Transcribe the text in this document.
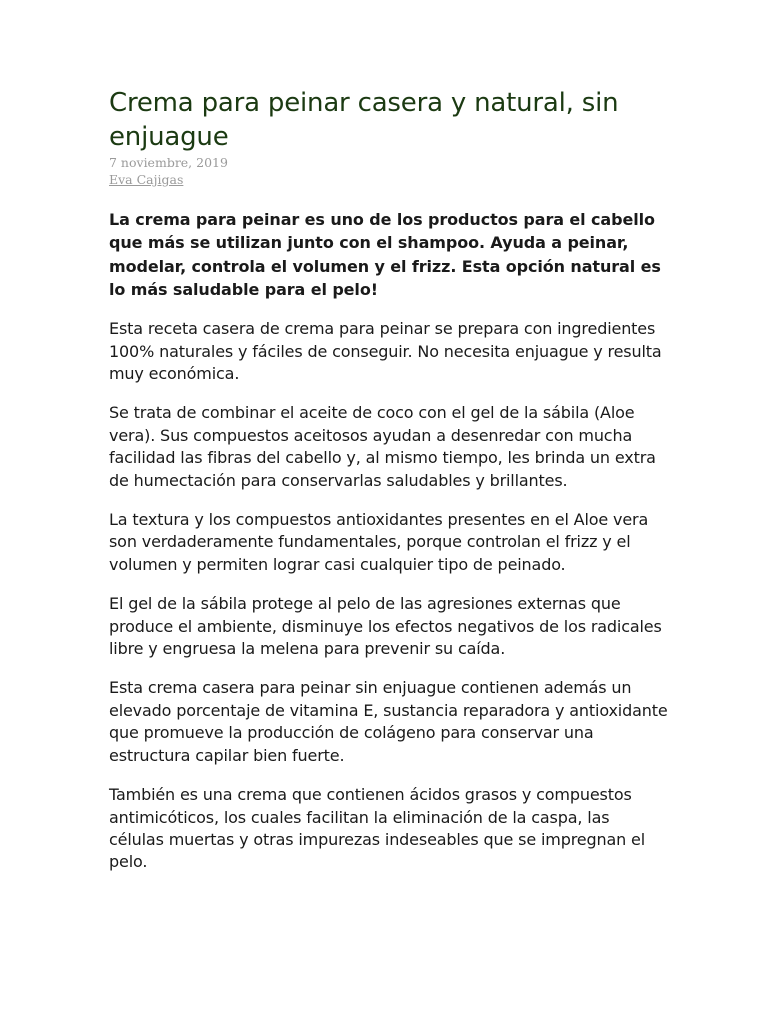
Crema para peinar casera y natural, sin enjuague

7 noviembre, 2019

Eva Cajigas

La crema para peinar es uno de los productos para el cabello que más se utilizan junto con el shampoo. Ayuda a peinar, modelar, controla el volumen y el frizz. Esta opción natural es lo más saludable para el pelo!

Esta receta casera de crema para peinar se prepara con ingredientes 100% naturales y fáciles de conseguir. No necesita enjuague y resulta muy económica.

Se trata de combinar el aceite de coco con el gel de la sábila (Aloe vera). Sus compuestos aceitosos ayudan a desenredar con mucha facilidad las fibras del cabello y, al mismo tiempo, les brinda un extra de humectación para conservarlas saludables y brillantes.

La textura y los compuestos antioxidantes presentes en el Aloe vera son verdaderamente fundamentales, porque controlan el frizz y el volumen y permiten lograr casi cualquier tipo de peinado.

El gel de la sábila protege al pelo de las agresiones externas que produce el ambiente, disminuye los efectos negativos de los radicales libre y engruesa la melena para prevenir su caída.

Esta crema casera para peinar sin enjuague contienen además un elevado porcentaje de vitamina E, sustancia reparadora y antioxidante que promueve la producción de colágeno para conservar una estructura capilar bien fuerte.

También es una crema que contienen ácidos grasos y compuestos antimicóticos, los cuales facilitan la eliminación de la caspa, las células muertas y otras impurezas indeseables que se impregnan el pelo.
